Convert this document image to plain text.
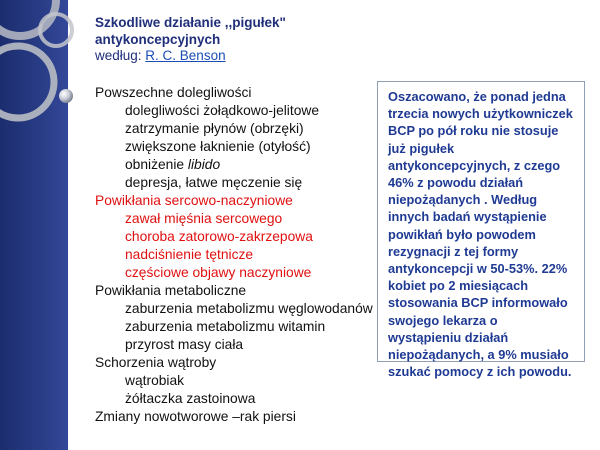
Szkodliwe działanie ,,pigułek"
antykoncepcyjnych
według: R. C. Benson
Powszechne dolegliwości
dolegliwości żołądkowo-jelitowe
zatrzymanie płynów (obrzęki)
zwiększone łaknienie (otyłość)
obniżenie libido
depresja, łatwe męczenie się
Powikłania sercowo-naczyniowe
zawał mięśnia sercowego
choroba zatorowo-zakrzepowa
nadciśnienie tętnicze
częściowe objawy naczyniowe
Powikłania metaboliczne
zaburzenia metabolizmu węglowodanów
zaburzenia metabolizmu witamin
przyrost masy ciała
Schorzenia wątroby
wątrobiak
żółtaczka zastoinowa
Zmiany nowotworowe –rak piersi
Oszacowano, że ponad jedna trzecia nowych użytkowniczek BCP po pół roku nie stosuje już pigułek antykoncepcyjnych, z czego 46% z powodu działań niepożądanych . Według innych badań wystąpienie powikłań było powodem rezygnacji z tej formy antykoncepcji w 50-53%. 22% kobiet po 2 miesiącach stosowania BCP informowało swojego lekarza o wystąpieniu działań niepożądanych, a 9% musiało szukać pomocy z ich powodu.
